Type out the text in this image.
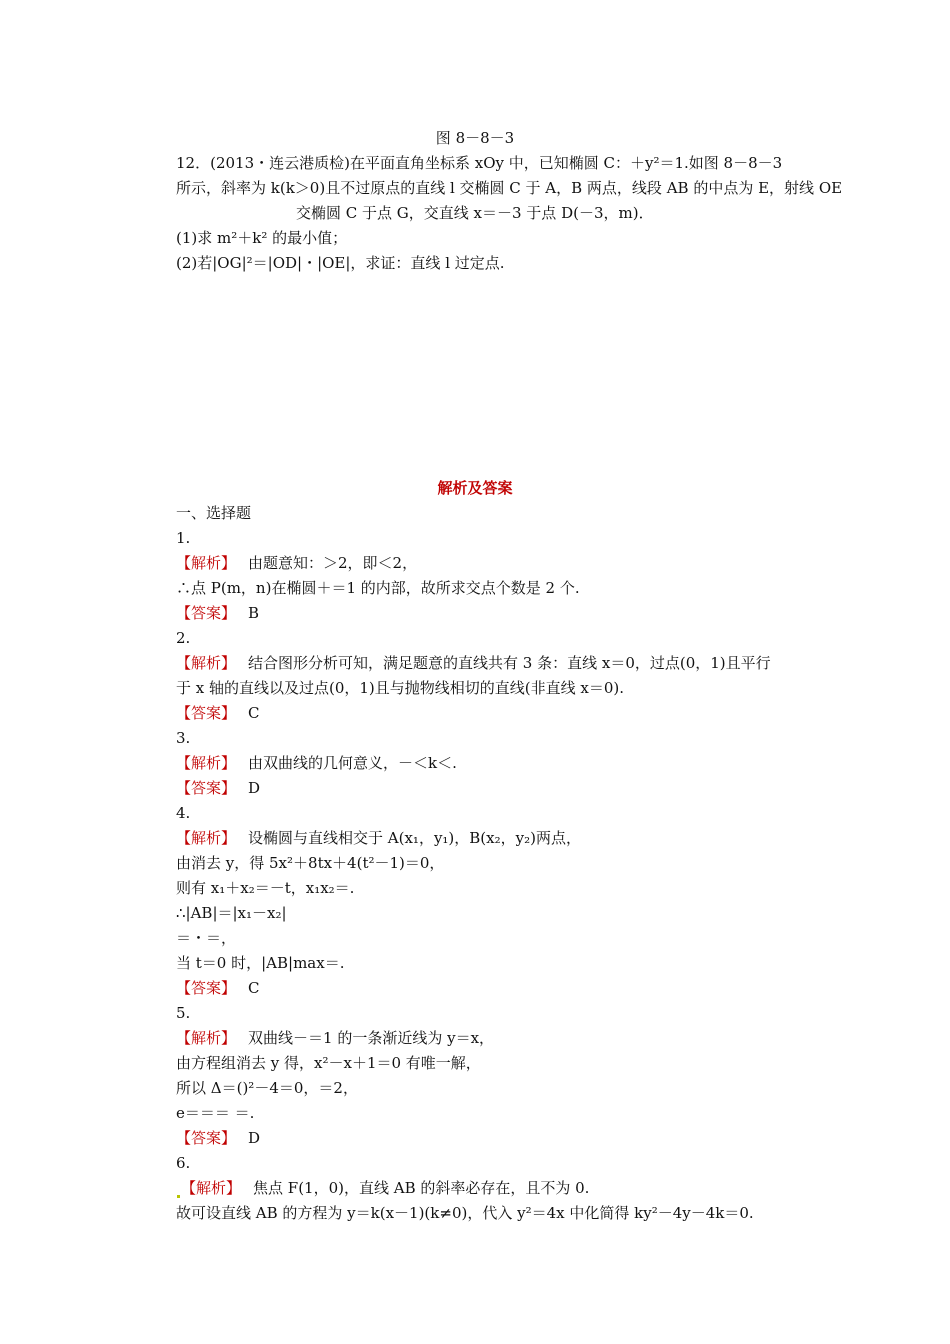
图 8－8－3
12．(2013・连云港质检)在平面直角坐标系 xOy 中，已知椭圆 C：＋y²＝1.如图 8－8－3
所示，斜率为 k(k＞0)且不过原点的直线 l 交椭圆 C 于 A，B 两点，线段 AB 的中点为 E，射线 OE
交椭圆 C 于点 G，交直线 x＝－3 于点 D(－3，m)．
(1)求 m²＋k² 的最小值；
(2)若|OG|²＝|OD|・|OE|，求证：直线 l 过定点.
解析及答案
一、选择题
1.
【解析】 由题意知：＞2，即＜2，
∴点 P(m，n)在椭圆＋＝1 的内部，故所求交点个数是 2 个.
【答案】 B
2.
【解析】 结合图形分析可知，满足题意的直线共有 3 条：直线 x＝0，过点(0，1)且平行
于 x 轴的直线以及过点(0，1)且与抛物线相切的直线(非直线 x＝0).
【答案】 C
3.
【解析】 由双曲线的几何意义，－＜k＜.
【答案】 D
4.
【解析】 设椭圆与直线相交于 A(x₁，y₁)，B(x₂，y₂)两点，
由消去 y，得 5x²＋8tx＋4(t²－1)＝0，
则有 x₁＋x₂＝－t，x₁x₂＝.
∴|AB|＝|x₁－x₂|
＝・＝，
当 t＝0 时，|AB|max＝.
【答案】 C
5.
【解析】 双曲线－＝1 的一条渐近线为 y＝x，
由方程组消去 y 得，x²－x＋1＝0 有唯一解，
所以 Δ＝()²－4＝0，＝2，
e＝＝＝ ＝.
【答案】 D
6.
【解析】 焦点 F(1，0)，直线 AB 的斜率必存在，且不为 0.
故可设直线 AB 的方程为 y＝k(x－1)(k≠0)，代入 y²＝4x 中化简得 ky²－4y－4k＝0.
